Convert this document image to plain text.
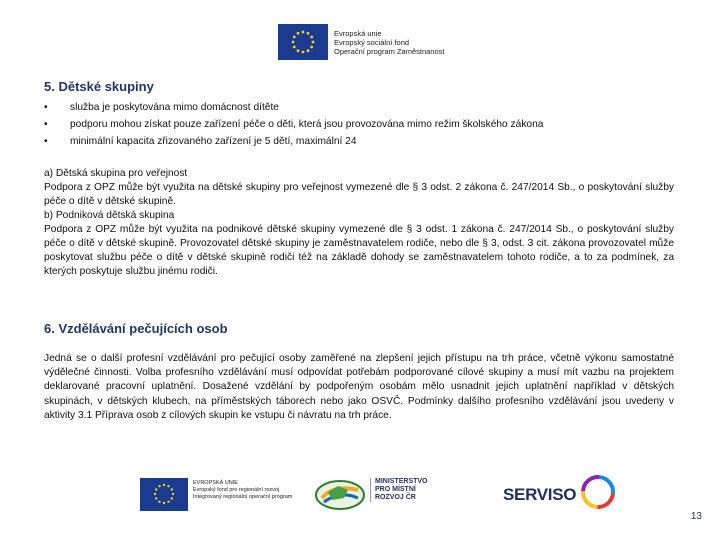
Evropská unie
Evropský sociální fond
Operační program Zaměstnanost
5. Dětské skupiny
•	služba je poskytována mimo domácnost dítěte
•	podporu mohou získat pouze zařízení péče o děti, která jsou provozována mimo režim školského zákona
•	minimální kapacita zřizovaného zařízení je 5 dětí, maximální 24

a) Dětská skupina pro veřejnost

Podpora z OPZ může být využita na dětské skupiny pro veřejnost vymezené dle § 3 odst. 2 zákona č. 247/2014 Sb., o poskytování služby péče o dítě v dětské skupině.

b) Podniková dětská skupina

Podpora z OPZ může být využita na podnikové dětské skupiny vymezené dle § 3 odst. 1 zákona č. 247/2014 Sb., o poskytování služby péče o dítě v dětské skupině. Provozovatel dětské skupiny je zaměstnavatelem rodiče, nebo dle § 3, odst. 3 cit. zákona provozovatel může poskytovat službu péče o dítě v dětské skupině rodiči též na základě dohody se zaměstnavatelem tohoto rodiče, a to za podmínek, za kterých poskytuje službu jinému rodiči.

6. Vzdělávání pečujících osob
Jedná se o další profesní vzdělávání pro pečující osoby zaměřené na zlepšení jejich přístupu na trh práce, včetně výkonu samostatné výdělečné činnosti. Volba profesního vzdělávání musí odpovídat potřebám podporované cílové skupiny a musí mít vazbu na projektem deklarované pracovní uplatnění. Dosažené vzdělání by podpořeným osobám mělo usnadnit jejich uplatnění například v dětských skupinách, v dětských klubech, na příměstských táborech nebo jako OSVČ. Podmínky dalšího profesního vzdělávání jsou uvedeny v aktivity 3.1 Příprava osob z cílových skupin ke vstupu či návratu na trh práce.
EVROPSKÁ UNIE
Evropský fond pro regionální rozvoj
Integrovaný regionální operační program
MINISTERSTVO
PRO MÍSTNÍ
ROZVOJ ČR	SERVISO
13
